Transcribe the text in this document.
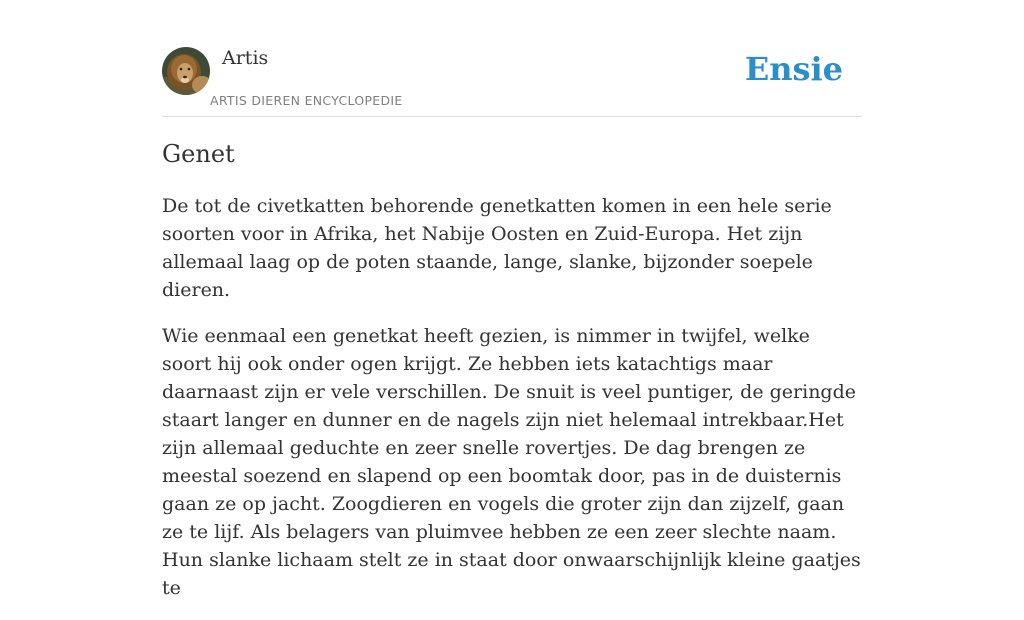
Artis
ARTIS DIEREN ENCYCLOPEDIE
Ensie
Genet

De tot de civetkatten behorende genetkatten komen in een hele serie soorten voor in Afrika, het Nabije Oosten en Zuid-Europa. Het zijn allemaal laag op de poten staande, lange, slanke, bijzonder soepele dieren.

Wie eenmaal een genetkat heeft gezien, is nimmer in twijfel, welke soort hij ook onder ogen krijgt. Ze hebben iets katachtigs maar daarnaast zijn er vele verschillen. De snuit is veel puntiger, de geringde staart langer en dunner en de nagels zijn niet helemaal intrekbaar.Het zijn allemaal geduchte en zeer snelle rovertjes. De dag brengen ze meestal soezend en slapend op een boomtak door, pas in de duisternis gaan ze op jacht. Zoogdieren en vogels die groter zijn dan zijzelf, gaan ze te lijf. Als belagers van pluimvee hebben ze een zeer slechte naam. Hun slanke lichaam stelt ze in staat door onwaarschijnlijk kleine gaatjes te
